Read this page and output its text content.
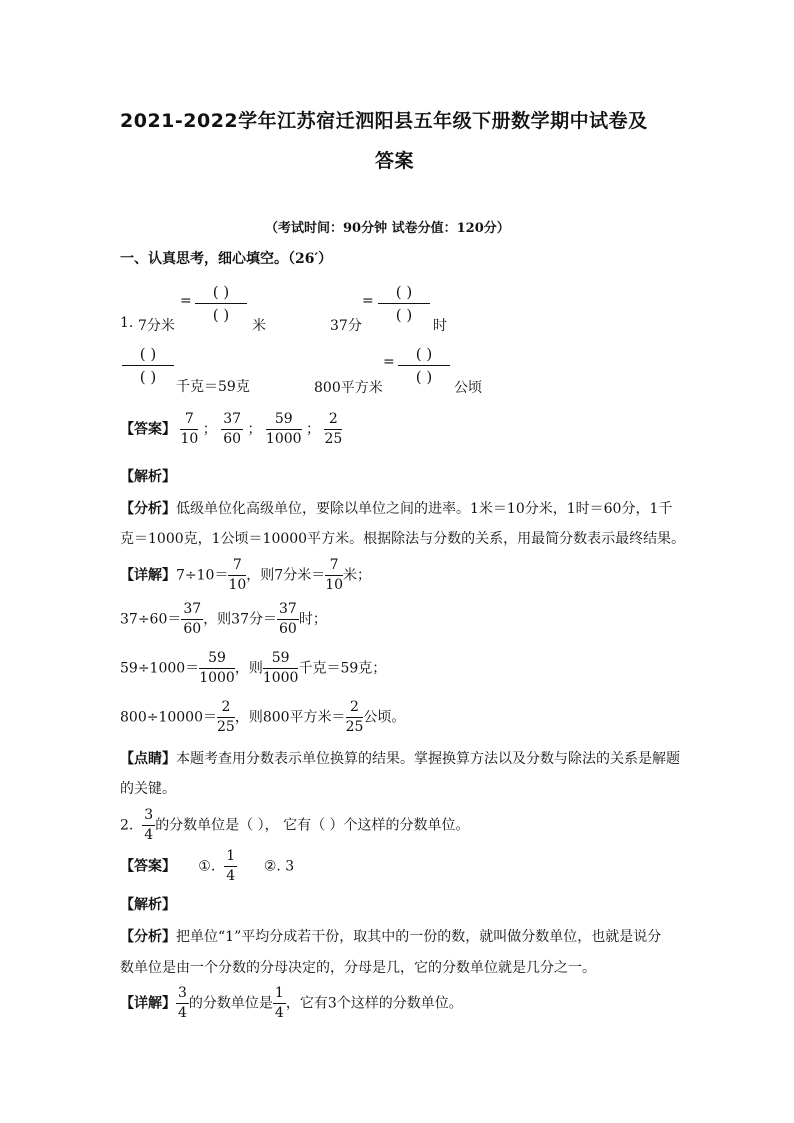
2021-2022学年江苏宿迁泗阳县五年级下册数学期中试卷及
答案
（考试时间：90分钟 试卷分值：120分）
一、认真思考，细心填空。（26′）
1. 7分米
=	( )
( )
米	37分
=	( )
( )
时
( )
( )
千克＝59克	800平方米
=	( )
( )
公顷
【答案】 $\frac{7}{10}$ ； $\frac{37}{60}$ ； $\frac{59}{1000}$ ； $\frac{2}{25}$
【解析】
【分析】低级单位化高级单位，要除以单位之间的进率。1米＝10分米，1时＝60分，1千
克＝1000克，1公顷＝10000平方米。根据除法与分数的关系，用最简分数表示最终结果。
【详解】$7\div 10= \frac{7}{10}$ ，则7分米＝ $\frac{7}{10}$ 米；
$37\div 60= \frac{37}{60}$ ，则37分＝ $\frac{37}{60}$ 时；
$59\div 1000= \frac{59}{1000}$ ，则 $\frac{59}{1000}$ 千克＝59克；
$800\div 10000= \frac{2}{25}$ ，则800平方米＝ $\frac{2}{25}$ 公顷。
【点睛】本题考查用分数表示单位换算的结果。掌握换算方法以及分数与除法的关系是解题
的关键。
2. $\frac{3}{4}$ 的分数单位是（ ）， 它有（ ）个这样的分数单位。
【答案】 ①. $\frac{1}{4}$ ②. 3
【解析】
【分析】把单位“1”平均分成若干份，取其中的一份的数，就叫做分数单位，也就是说分
数单位是由一个分数的分母决定的，分母是几，它的分数单位就是几分之一。
【详解】 $\frac{3}{4}$ 的分数单位是 $\frac{1}{4}$ ，它有3个这样的分数单位。
